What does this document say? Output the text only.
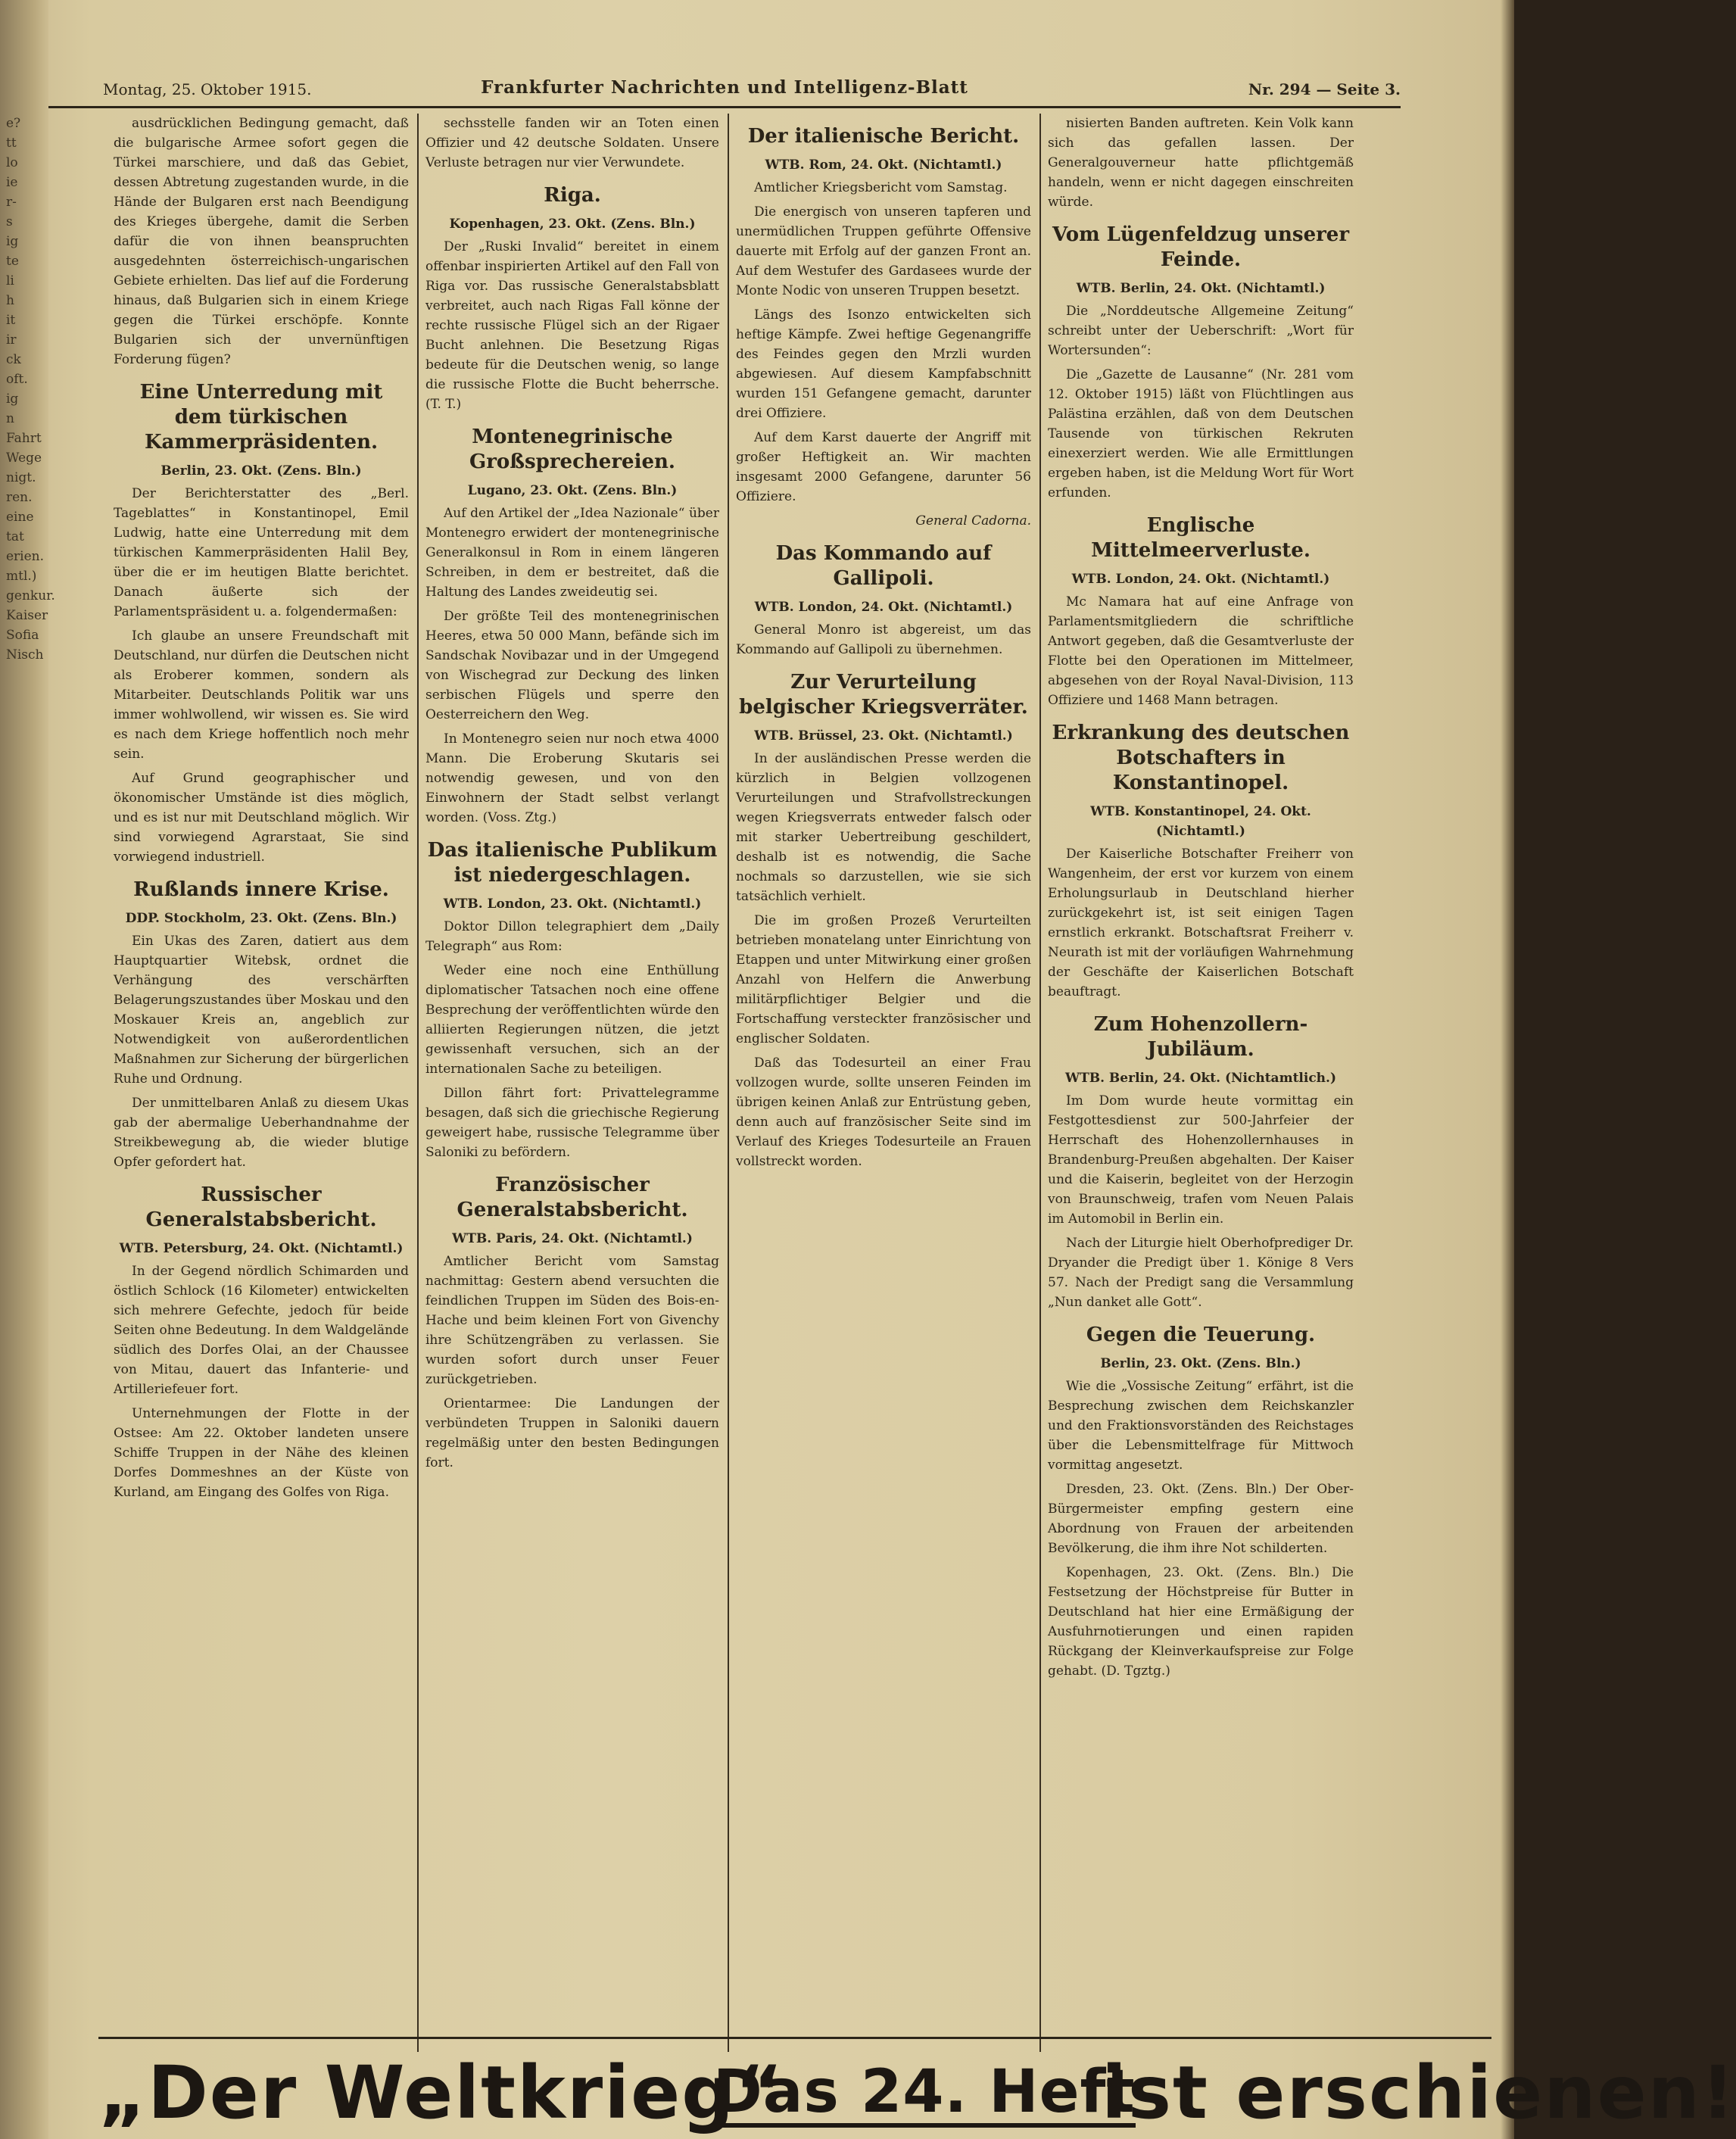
e?
tt
lo
ie
r-
s
ig
te
li
h
it
ir
ck
oft.
ig
n
Fahrt
Wege
nigt.
ren.
eine
tat
erien.
mtl.)
genkur.
Kaiser
Sofia
Nisch
Montag, 25. Oktober 1915.	Frankfurter Nachrichten und Intelligenz-Blatt	Nr. 294 — Seite 3.

ausdrücklichen Bedingung gemacht, daß die bulgarische Armee sofort gegen die Türkei marschiere, und daß das Gebiet, dessen Abtretung zugestanden wurde, in die Hände der Bulgaren erst nach Beendigung des Krieges übergehe, damit die Serben dafür die von ihnen beanspruchten ausgedehnten österreichisch-ungarischen Gebiete erhielten. Das lief auf die Forderung hinaus, daß Bulgarien sich in einem Kriege gegen die Türkei erschöpfe. Konnte Bulgarien sich der unvernünftigen Forderung fügen?

Eine Unterredung mit dem türkischen Kammerpräsidenten.
Berlin, 23. Okt. (Zens. Bln.)

Der Berichterstatter des „Berl. Tageblattes“ in Konstantinopel, Emil Ludwig, hatte eine Unterredung mit dem türkischen Kammerpräsidenten Halil Bey, über die er im heutigen Blatte berichtet. Danach äußerte sich der Parlamentspräsident u. a. folgendermaßen:

Ich glaube an unsere Freundschaft mit Deutschland, nur dürfen die Deutschen nicht als Eroberer kommen, sondern als Mitarbeiter. Deutschlands Politik war uns immer wohlwollend, wir wissen es. Sie wird es nach dem Kriege hoffentlich noch mehr sein.

Auf Grund geographischer und ökonomischer Umstände ist dies möglich, und es ist nur mit Deutschland möglich. Wir sind vorwiegend Agrarstaat, Sie sind vorwiegend industriell.

Rußlands innere Krise.
DDP. Stockholm, 23. Okt. (Zens. Bln.)

Ein Ukas des Zaren, datiert aus dem Hauptquartier Witebsk, ordnet die Verhängung des verschärften Belagerungszustandes über Moskau und den Moskauer Kreis an, angeblich zur Notwendigkeit von außerordentlichen Maßnahmen zur Sicherung der bürgerlichen Ruhe und Ordnung.

Der unmittelbaren Anlaß zu diesem Ukas gab der abermalige Ueberhandnahme der Streikbewegung ab, die wieder blutige Opfer gefordert hat.

Russischer Generalstabsbericht.
WTB. Petersburg, 24. Okt. (Nichtamtl.)

In der Gegend nördlich Schimarden und östlich Schlock (16 Kilometer) entwickelten sich mehrere Gefechte, jedoch für beide Seiten ohne Bedeutung. In dem Waldgelände südlich des Dorfes Olai, an der Chaussee von Mitau, dauert das Infanterie- und Artilleriefeuer fort.

Unternehmungen der Flotte in der Ostsee: Am 22. Oktober landeten unsere Schiffe Truppen in der Nähe des kleinen Dorfes Dommeshnes an der Küste von Kurland, am Eingang des Golfes von Riga.

sechsstelle fanden wir an Toten einen Offizier und 42 deutsche Soldaten. Unsere Verluste betragen nur vier Verwundete.

Riga.
Kopenhagen, 23. Okt. (Zens. Bln.)

Der „Ruski Invalid“ bereitet in einem offenbar inspirierten Artikel auf den Fall von Riga vor. Das russische Generalstabsblatt verbreitet, auch nach Rigas Fall könne der rechte russische Flügel sich an der Rigaer Bucht anlehnen. Die Besetzung Rigas bedeute für die Deutschen wenig, so lange die russische Flotte die Bucht beherrsche. (T. T.)

Montenegrinische Großsprechereien.
Lugano, 23. Okt. (Zens. Bln.)

Auf den Artikel der „Idea Nazionale“ über Montenegro erwidert der montenegrinische Generalkonsul in Rom in einem längeren Schreiben, in dem er bestreitet, daß die Haltung des Landes zweideutig sei.

Der größte Teil des montenegrinischen Heeres, etwa 50 000 Mann, befände sich im Sandschak Novibazar und in der Umgegend von Wischegrad zur Deckung des linken serbischen Flügels und sperre den Oesterreichern den Weg.

In Montenegro seien nur noch etwa 4000 Mann. Die Eroberung Skutaris sei notwendig gewesen, und von den Einwohnern der Stadt selbst verlangt worden. (Voss. Ztg.)

Das italienische Publikum ist niedergeschlagen.
WTB. London, 23. Okt. (Nichtamtl.)

Doktor Dillon telegraphiert dem „Daily Telegraph“ aus Rom:

Weder eine noch eine Enthüllung diplomatischer Tatsachen noch eine offene Besprechung der veröffentlichten würde den alliierten Regierungen nützen, die jetzt gewissenhaft versuchen, sich an der internationalen Sache zu beteiligen.

Dillon fährt fort: Privattelegramme besagen, daß sich die griechische Regierung geweigert habe, russische Telegramme über Saloniki zu befördern.

Französischer Generalstabsbericht.
WTB. Paris, 24. Okt. (Nichtamtl.)

Amtlicher Bericht vom Samstag nachmittag: Gestern abend versuchten die feindlichen Truppen im Süden des Bois-en-Hache und beim kleinen Fort von Givenchy ihre Schützengräben zu verlassen. Sie wurden sofort durch unser Feuer zurückgetrieben.

Orientarmee: Die Landungen der verbündeten Truppen in Saloniki dauern regelmäßig unter den besten Bedingungen fort.

Der italienische Bericht.
WTB. Rom, 24. Okt. (Nichtamtl.)

Amtlicher Kriegsbericht vom Samstag.

Die energisch von unseren tapferen und unermüdlichen Truppen geführte Offensive dauerte mit Erfolg auf der ganzen Front an. Auf dem Westufer des Gardasees wurde der Monte Nodic von unseren Truppen besetzt.

Längs des Isonzo entwickelten sich heftige Kämpfe. Zwei heftige Gegenangriffe des Feindes gegen den Mrzli wurden abgewiesen. Auf diesem Kampfabschnitt wurden 151 Gefangene gemacht, darunter drei Offiziere.

Auf dem Karst dauerte der Angriff mit großer Heftigkeit an. Wir machten insgesamt 2000 Gefangene, darunter 56 Offiziere.

General Cadorna.

Das Kommando auf Gallipoli.
WTB. London, 24. Okt. (Nichtamtl.)

General Monro ist abgereist, um das Kommando auf Gallipoli zu übernehmen.

Zur Verurteilung belgischer Kriegsverräter.
WTB. Brüssel, 23. Okt. (Nichtamtl.)

In der ausländischen Presse werden die kürzlich in Belgien vollzogenen Verurteilungen und Strafvollstreckungen wegen Kriegsverrats entweder falsch oder mit starker Uebertreibung geschildert, deshalb ist es notwendig, die Sache nochmals so darzustellen, wie sie sich tatsächlich verhielt.

Die im großen Prozeß Verurteilten betrieben monatelang unter Einrichtung von Etappen und unter Mitwirkung einer großen Anzahl von Helfern die Anwerbung militärpflichtiger Belgier und die Fortschaffung versteckter französischer und englischer Soldaten.

Daß das Todesurteil an einer Frau vollzogen wurde, sollte unseren Feinden im übrigen keinen Anlaß zur Entrüstung geben, denn auch auf französischer Seite sind im Verlauf des Krieges Todesurteile an Frauen vollstreckt worden.

nisierten Banden auftreten. Kein Volk kann sich das gefallen lassen. Der Generalgouverneur hatte pflichtgemäß handeln, wenn er nicht dagegen einschreiten würde.

Vom Lügenfeldzug unserer Feinde.
WTB. Berlin, 24. Okt. (Nichtamtl.)

Die „Norddeutsche Allgemeine Zeitung“ schreibt unter der Ueberschrift: „Wort für Wortersunden“:

Die „Gazette de Lausanne“ (Nr. 281 vom 12. Oktober 1915) läßt von Flüchtlingen aus Palästina erzählen, daß von dem Deutschen Tausende von türkischen Rekruten einexerziert werden. Wie alle Ermittlungen ergeben haben, ist die Meldung Wort für Wort erfunden.

Englische Mittelmeerverluste.
WTB. London, 24. Okt. (Nichtamtl.)

Mc Namara hat auf eine Anfrage von Parlamentsmitgliedern die schriftliche Antwort gegeben, daß die Gesamtverluste der Flotte bei den Operationen im Mittelmeer, abgesehen von der Royal Naval-Division, 113 Offiziere und 1468 Mann betragen.

Erkrankung des deutschen Botschafters in Konstantinopel.
WTB. Konstantinopel, 24. Okt. (Nichtamtl.)

Der Kaiserliche Botschafter Freiherr von Wangenheim, der erst vor kurzem von einem Erholungsurlaub in Deutschland hierher zurückgekehrt ist, ist seit einigen Tagen ernstlich erkrankt. Botschaftsrat Freiherr v. Neurath ist mit der vorläufigen Wahrnehmung der Geschäfte der Kaiserlichen Botschaft beauftragt.

Zum Hohenzollern-Jubiläum.
WTB. Berlin, 24. Okt. (Nichtamtlich.)

Im Dom wurde heute vormittag ein Festgottesdienst zur 500-Jahrfeier der Herrschaft des Hohenzollernhauses in Brandenburg-Preußen abgehalten. Der Kaiser und die Kaiserin, begleitet von der Herzogin von Braunschweig, trafen vom Neuen Palais im Automobil in Berlin ein.

Nach der Liturgie hielt Oberhofprediger Dr. Dryander die Predigt über 1. Könige 8 Vers 57. Nach der Predigt sang die Versammlung „Nun danket alle Gott“.

Gegen die Teuerung.
Berlin, 23. Okt. (Zens. Bln.)

Wie die „Vossische Zeitung“ erfährt, ist die Besprechung zwischen dem Reichskanzler und den Fraktionsvorständen des Reichstages über die Lebensmittelfrage für Mittwoch vormittag angesetzt.

Dresden, 23. Okt. (Zens. Bln.) Der Ober-Bürgermeister empfing gestern eine Abordnung von Frauen der arbeitenden Bevölkerung, die ihm ihre Not schilderten.

Kopenhagen, 23. Okt. (Zens. Bln.) Die Festsetzung der Höchstpreise für Butter in Deutschland hat hier eine Ermäßigung der Ausfuhrnotierungen und einen rapiden Rückgang der Kleinverkaufspreise zur Folge gehabt. (D. Tgztg.)

„Der Weltkrieg“
Das 24. Heft
ist erschienen!
